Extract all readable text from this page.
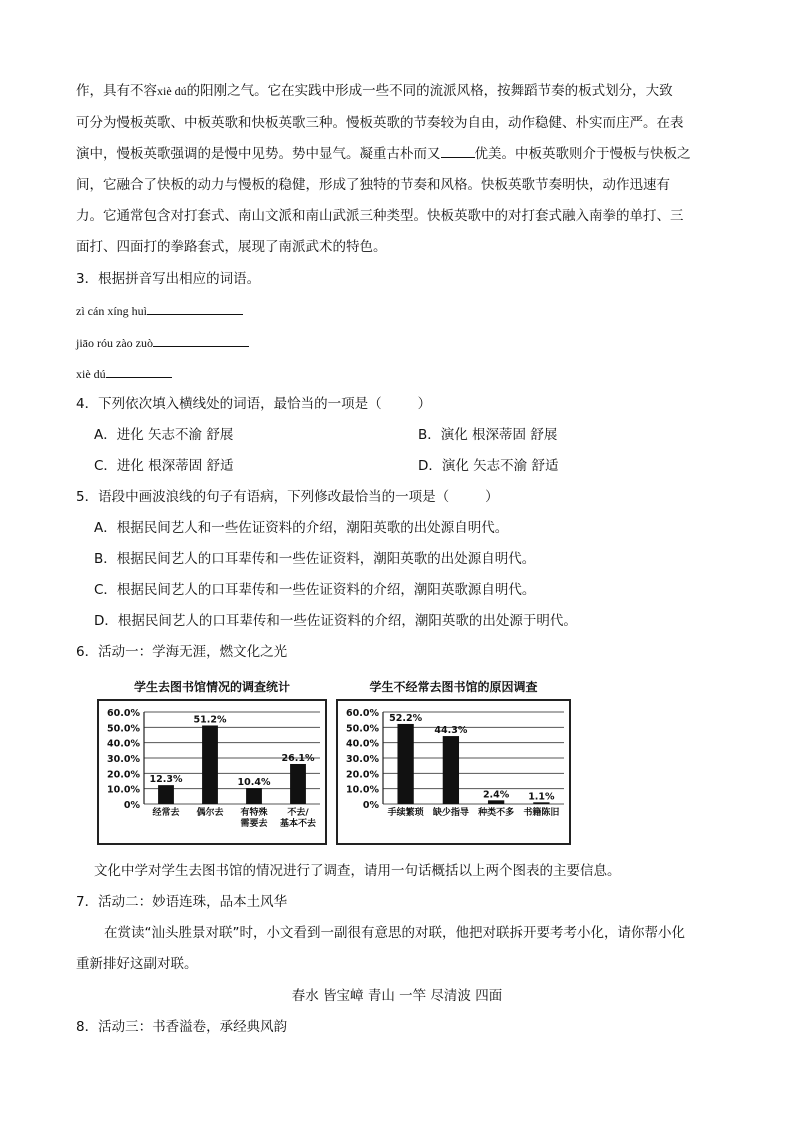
作，具有不容xiè dú的阳刚之气。它在实践中形成一些不同的流派风格，按舞蹈节奏的板式划分，大致
可分为慢板英歌、中板英歌和快板英歌三种。慢板英歌的节奏较为自由，动作稳健、朴实而庄严。在表
演中，慢板英歌强调的是慢中见势。势中显气。凝重古朴而又	优美。中板英歌则介于慢板与快板之
间，它融合了快板的动力与慢板的稳健，形成了独特的节奏和风格。快板英歌节奏明快，动作迅速有
力。它通常包含对打套式、南山文派和南山武派三种类型。快板英歌中的对打套式融入南拳的单打、三
面打、四面打的拳路套式，展现了南派武术的特色。
3．根据拼音写出相应的词语。
zì cán xíng huì
jiāo róu zào zuò
xiè dú
4．下列依次填入横线处的词语，最恰当的一项是（	）
A．进化 矢志不渝 舒展	B．演化 根深蒂固 舒展
C．进化 根深蒂固 舒适	D．演化 矢志不渝 舒适
5．语段中画波浪线的句子有语病，下列修改最恰当的一项是（	）
A．根据民间艺人和一些佐证资料的介绍，潮阳英歌的出处源自明代。
B．根据民间艺人的口耳辈传和一些佐证资料，潮阳英歌的出处源自明代。
C．根据民间艺人的口耳辈传和一些佐证资料的介绍，潮阳英歌源自明代。
D．根据民间艺人的口耳辈传和一些佐证资料的介绍，潮阳英歌的出处源于明代。
6．活动一：学海无涯，燃文化之光
学生去图书馆情况的调查统计
60.0%
50.0%
40.0%
30.0%
20.0%
10.0%
0%
12.3%
经常去
51.2%
偶尔去
10.4%
有特殊
需要去
26.1%
不去/
基本不去
学生不经常去图书馆的原因调查
60.0%
50.0%
40.0%
30.0%
20.0%
10.0%
0%
52.2%
手续繁琐
44.3%
缺少指导
2.4%
种类不多
1.1%
书籍陈旧
文化中学对学生去图书馆的情况进行了调查，请用一句话概括以上两个图表的主要信息。
7．活动二：妙语连珠，品本土风华
在赏读“汕头胜景对联”时，小文看到一副很有意思的对联，他把对联拆开要考考小化，请你帮小化
重新排好这副对联。
春水 皆宝嶂 青山 一竿 尽清波 四面
8．活动三：书香溢卷，承经典风韵
